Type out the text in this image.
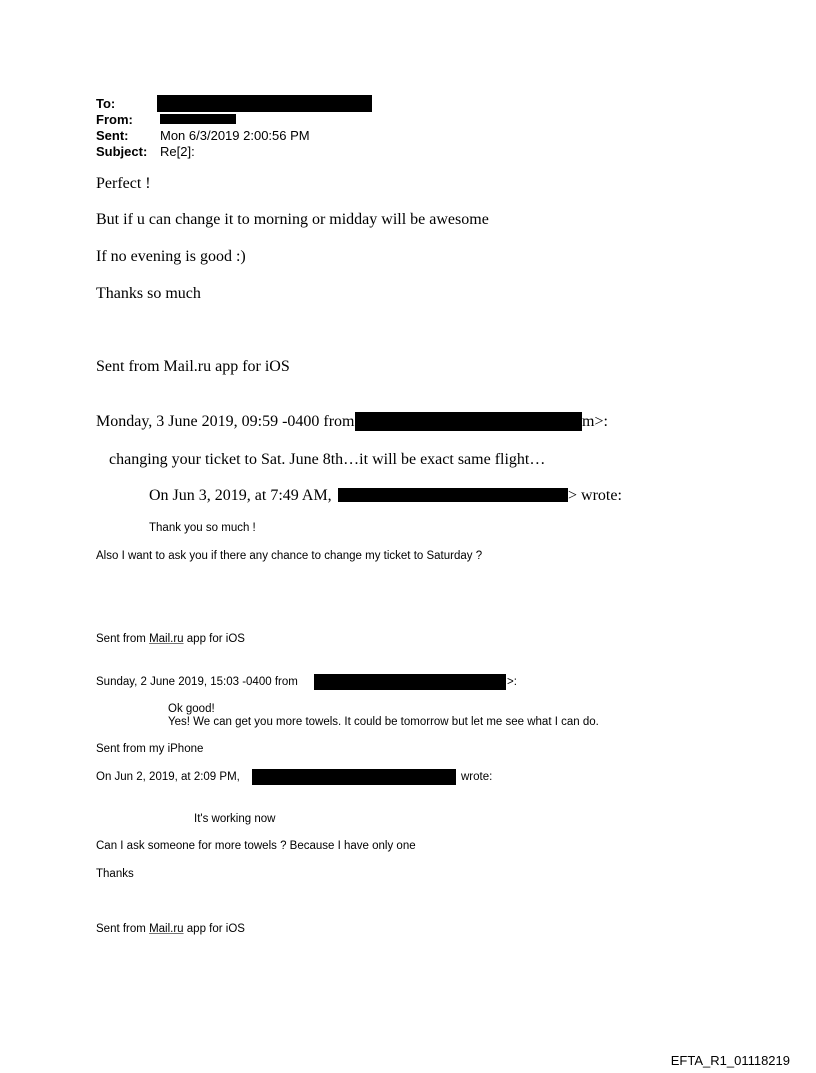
To:
From:
Sent: Mon 6/3/2019 2:00:56 PM
Subject: Re[2]:
Perfect !
But if u can change it to morning or midday will be awesome
If no evening is good :)
Thanks so much
Sent from Mail.ru app for iOS
Monday, 3 June 2019, 09:59 -0400 from	m>:
changing your ticket to Sat. June 8th…it will be exact same flight…
On Jun 3, 2019, at 7:49 AM,	> wrote:
Thank you so much !
Also I want to ask you if there any chance to change my ticket to Saturday ?
Sent from Mail.ru app for iOS
Sunday, 2 June 2019, 15:03 -0400 from	>:
Ok good!
Yes! We can get you more towels. It could be tomorrow but let me see what I can do.
Sent from my iPhone
On Jun 2, 2019, at 2:09 PM,	wrote:
It's working now
Can I ask someone for more towels ? Because I have only one
Thanks
Sent from Mail.ru app for iOS
EFTA_R1_01118219
